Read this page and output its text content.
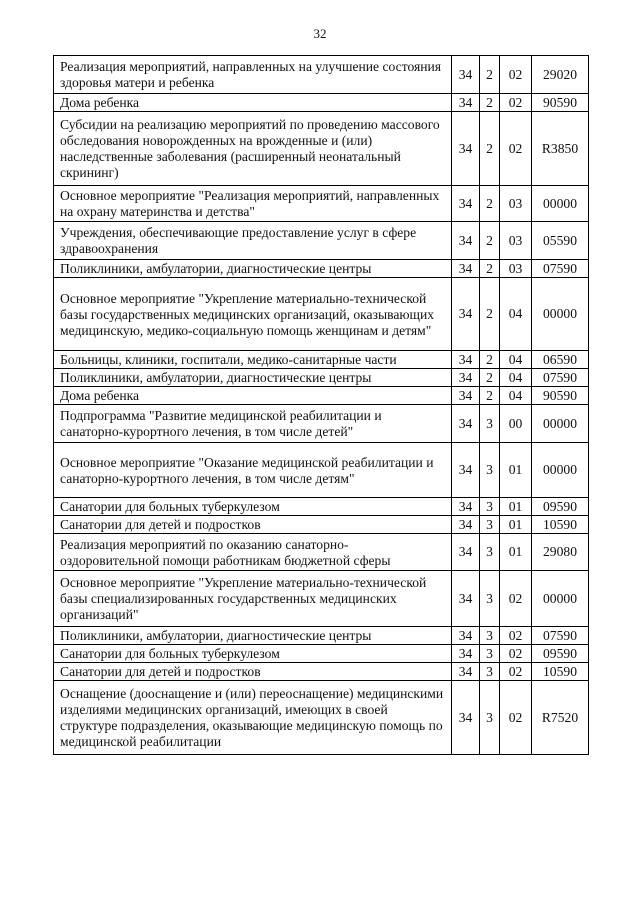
32
Реализация мероприятий, направленных на улучшение состояния здоровья матери и ребенка	34	2	02	29020
Дома ребенка	34	2	02	90590
Субсидии на реализацию мероприятий по проведению массового обследования новорожденных на врожденные и (или) наследственные заболевания (расширенный неонатальный скрининг)	34	2	02	R3850
Основное мероприятие "Реализация мероприятий, направленных на охрану материнства и детства"	34	2	03	00000
Учреждения, обеспечивающие предоставление услуг в сфере здравоохранения	34	2	03	05590
Поликлиники, амбулатории, диагностические центры	34	2	03	07590
Основное мероприятие "Укрепление материально-технической базы государственных медицинских организаций, оказывающих медицинскую, медико-социальную помощь женщинам и детям"	34	2	04	00000
Больницы, клиники, госпитали, медико-санитарные части	34	2	04	06590
Поликлиники, амбулатории, диагностические центры	34	2	04	07590
Дома ребенка	34	2	04	90590
Подпрограмма "Развитие медицинской реабилитации и санаторно-курортного лечения, в том числе детей"	34	3	00	00000
Основное мероприятие "Оказание медицинской реабилитации и санаторно-курортного лечения, в том числе детям"	34	3	01	00000
Санатории для больных туберкулезом	34	3	01	09590
Санатории для детей и подростков	34	3	01	10590
Реализация мероприятий по оказанию санаторно-оздоровительной помощи работникам бюджетной сферы	34	3	01	29080
Основное мероприятие "Укрепление материально-технической базы специализированных государственных медицинских организаций"	34	3	02	00000
Поликлиники, амбулатории, диагностические центры	34	3	02	07590
Санатории для больных туберкулезом	34	3	02	09590
Санатории для детей и подростков	34	3	02	10590
Оснащение (дооснащение и (или) переоснащение) медицинскими изделиями медицинских организаций, имеющих в своей структуре подразделения, оказывающие медицинскую помощь по медицинской реабилитации	34	3	02	R7520
